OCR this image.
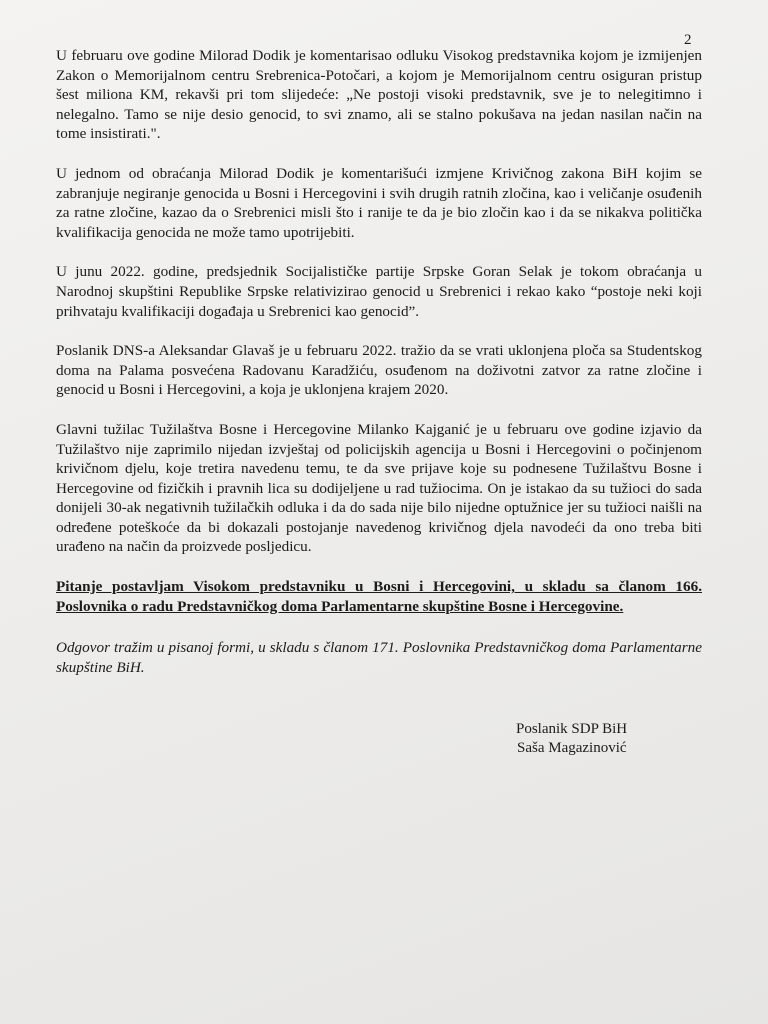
2

U februaru ove godine Milorad Dodik je komentarisao odluku Visokog predstavnika kojom je izmijenjen Zakon o Memorijalnom centru Srebrenica-Potočari, a kojom je Memorijalnom centru osiguran pristup šest miliona KM, rekavši pri tom slijedeće: „Ne postoji visoki predstavnik, sve je to nelegitimno i nelegalno. Tamo se nije desio genocid, to svi znamo, ali se stalno pokušava na jedan nasilan način na tome insistirati.".

U jednom od obraćanja Milorad Dodik je komentarišući izmjene Krivičnog zakona BiH kojim se zabranjuje negiranje genocida u Bosni i Hercegovini i svih drugih ratnih zločina, kao i veličanje osuđenih za ratne zločine, kazao da o Srebrenici misli što i ranije te da je bio zločin kao i da se nikakva politička kvalifikacija genocida ne može tamo upotrijebiti.

U junu 2022. godine, predsjednik Socijalističke partije Srpske Goran Selak je tokom obraćanja u Narodnoj skupštini Republike Srpske relativizirao genocid u Srebrenici i rekao kako “postoje neki koji prihvataju kvalifikaciji događaja u Srebrenici kao genocid”.

Poslanik DNS-a Aleksandar Glavaš je u februaru 2022. tražio da se vrati uklonjena ploča sa Studentskog doma na Palama posvećena Radovanu Karadžiću, osuđenom na doživotni zatvor za ratne zločine i genocid u Bosni i Hercegovini, a koja je uklonjena krajem 2020.

Glavni tužilac Tužilaštva Bosne i Hercegovine Milanko Kajganić je u februaru ove godine izjavio da Tužilaštvo nije zaprimilo nijedan izvještaj od policijskih agencija u Bosni i Hercegovini o počinjenom krivičnom djelu, koje tretira navedenu temu, te da sve prijave koje su podnesene Tužilaštvu Bosne i Hercegovine od fizičkih i pravnih lica su dodijeljene u rad tužiocima. On je istakao da su tužioci do sada donijeli 30-ak negativnih tužilačkih odluka i da do sada nije bilo nijedne optužnice jer su tužioci naišli na određene poteškoće da bi dokazali postojanje navedenog krivičnog djela navodeći da ono treba biti urađeno na način da proizvede posljedicu.

Pitanje postavljam Visokom predstavniku u Bosni i Hercegovini, u skladu sa članom 166. Poslovnika o radu Predstavničkog doma Parlamentarne skupštine Bosne i Hercegovine.

Odgovor tražim u pisanoj formi, u skladu s članom 171. Poslovnika Predstavničkog doma Parlamentarne skupštine BiH.

Poslanik SDP BiH
Saša Magazinović
